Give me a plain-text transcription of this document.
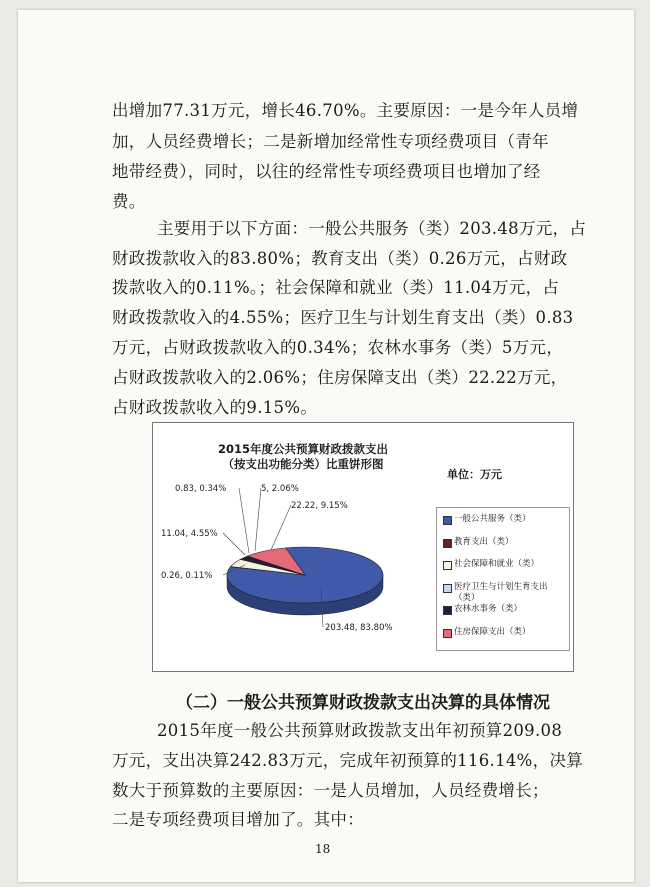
出增加77.31万元，增长46.70%。主要原因：一是今年人员增
加，人员经费增长；二是新增加经常性专项经费项目（青年
地带经费），同时，以往的经常性专项经费项目也增加了经
费。
主要用于以下方面：一般公共服务（类）203.48万元，占
财政拨款收入的83.80%；教育支出（类）0.26万元，占财政
拨款收入的0.11%。；社会保障和就业（类）11.04万元，占
财政拨款收入的4.55%；医疗卫生与计划生育支出（类）0.83
万元，占财政拨款收入的0.34%；农林水事务（类）5万元，
占财政拨款收入的2.06%；住房保障支出（类）22.22万元，
占财政拨款收入的9.15%。
2015年度公共预算财政拨款支出
（按支出功能分类）比重饼形图
单位：万元
203.48, 83.80%
0.26, 0.11%
11.04, 4.55%
0.83, 0.34%	5, 2.06%
22.22, 9.15%
一般公共服务（类）
教育支出（类）
社会保障和就业（类）
医疗卫生与计划生育支出（类）
农林水事务（类）
住房保障支出（类）
（二）一般公共预算财政拨款支出决算的具体情况
2015年度一般公共预算财政拨款支出年初预算209.08
万元，支出决算242.83万元，完成年初预算的116.14%，决算
数大于预算数的主要原因：一是人员增加，人员经费增长；
二是专项经费项目增加了。其中：
18
